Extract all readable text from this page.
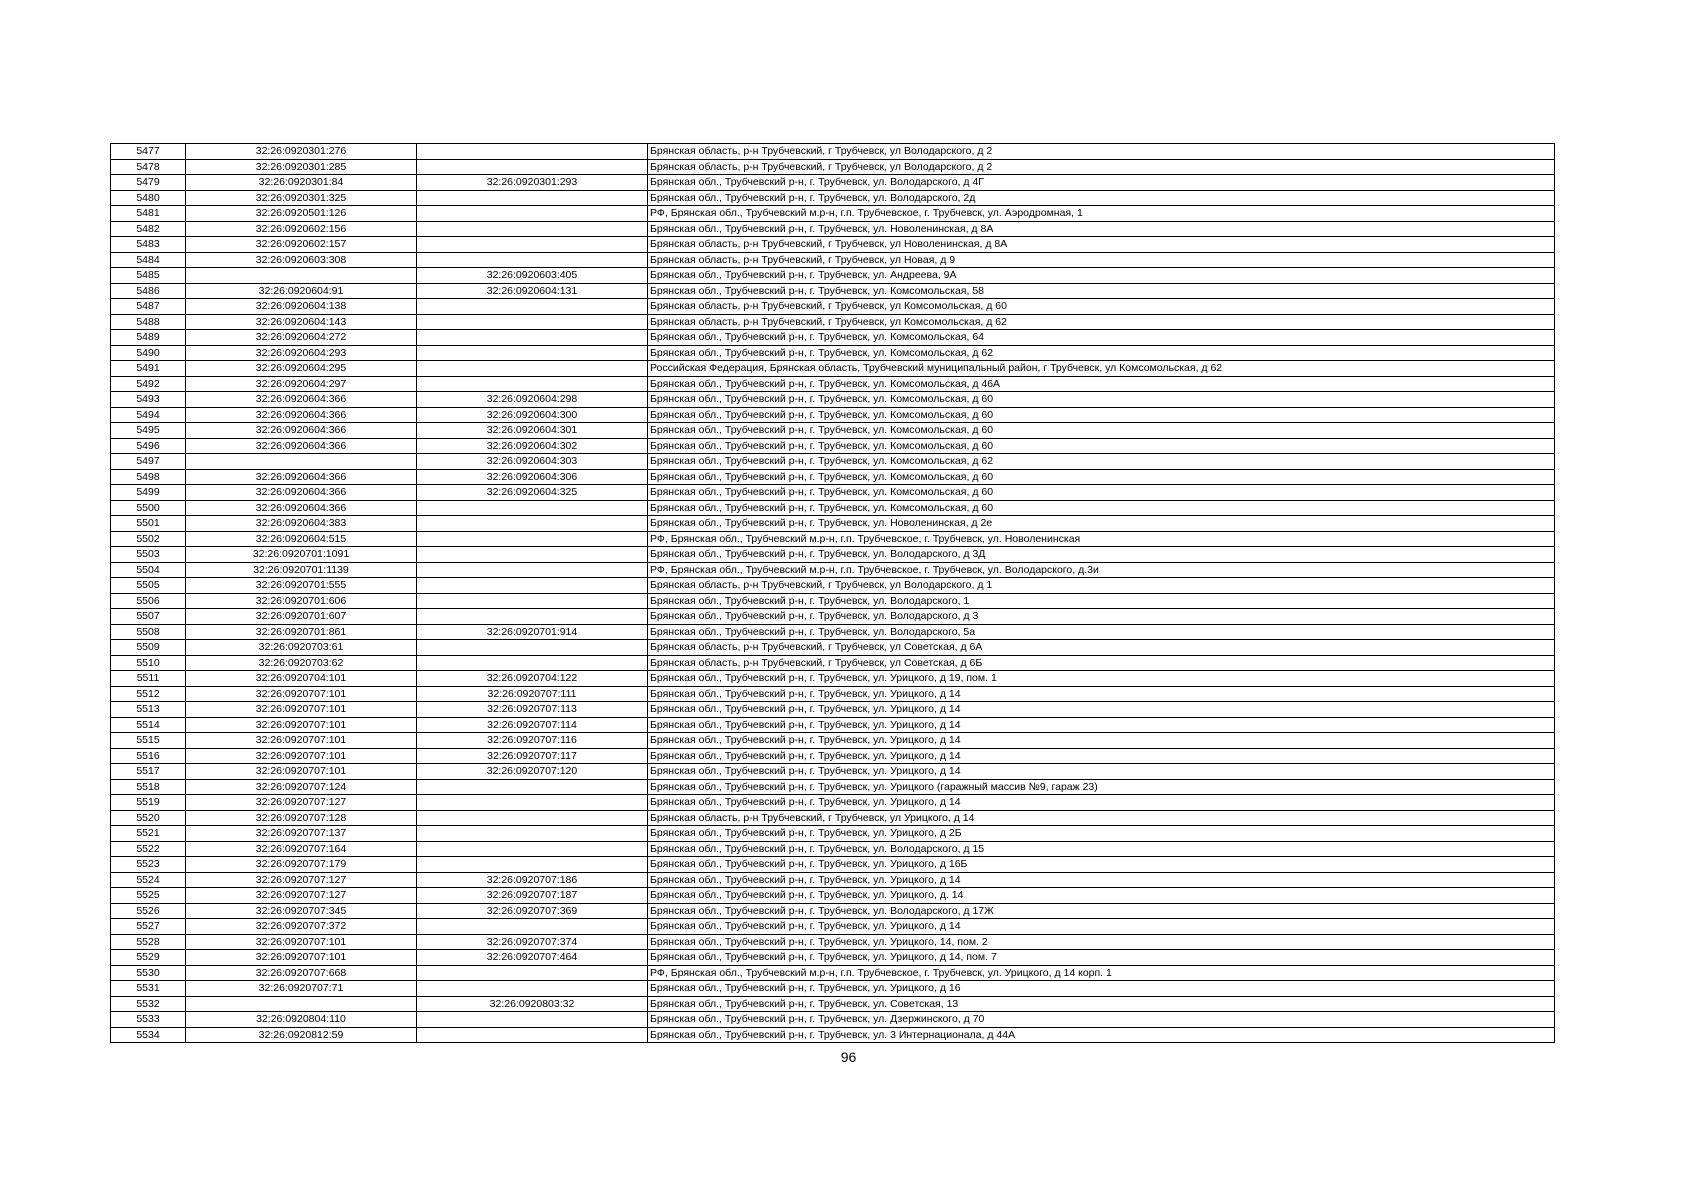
5477	32:26:0920301:276		Брянская область, р-н Трубчевский, г Трубчевск, ул Володарского, д 2
5478	32:26:0920301:285		Брянская область, р-н Трубчевский, г Трубчевск, ул Володарского, д 2
5479	32:26:0920301:84	32:26:0920301:293	Брянская обл., Трубчевский р-н, г. Трубчевск, ул. Володарского, д 4Г
5480	32:26:0920301:325		Брянская обл., Трубчевский р-н, г. Трубчевск, ул. Володарского, 2д
5481	32:26:0920501:126		РФ, Брянская обл., Трубчевский м.р-н, г.п. Трубчевское, г. Трубчевск, ул. Аэродромная, 1
5482	32:26:0920602:156		Брянская обл., Трубчевский р-н, г. Трубчевск, ул. Новоленинская, д 8А
5483	32:26:0920602:157		Брянская область, р-н Трубчевский, г Трубчевск, ул Новоленинская, д 8А
5484	32:26:0920603:308		Брянская область, р-н Трубчевский, г Трубчевск, ул Новая, д 9
5485		32:26:0920603:405	Брянская обл., Трубчевский р-н, г. Трубчевск, ул. Андреева, 9А
5486	32:26:0920604:91	32:26:0920604:131	Брянская обл., Трубчевский р-н, г. Трубчевск, ул. Комсомольская, 58
5487	32:26:0920604:138		Брянская область, р-н Трубчевский, г Трубчевск, ул Комсомольская, д 60
5488	32:26:0920604:143		Брянская область, р-н Трубчевский, г Трубчевск, ул Комсомольская, д 62
5489	32:26:0920604:272		Брянская обл., Трубчевский р-н, г. Трубчевск, ул. Комсомольская, 64
5490	32:26:0920604:293		Брянская обл., Трубчевский р-н, г. Трубчевск, ул. Комсомольская, д 62
5491	32:26:0920604:295		Российская Федерация, Брянская область, Трубчевский муниципальный район, г Трубчевск, ул Комсомольская, д 62
5492	32:26:0920604:297		Брянская обл., Трубчевский р-н, г. Трубчевск, ул. Комсомольская, д 46А
5493	32:26:0920604:366	32:26:0920604:298	Брянская обл., Трубчевский р-н, г. Трубчевск, ул. Комсомольская, д 60
5494	32:26:0920604:366	32:26:0920604:300	Брянская обл., Трубчевский р-н, г. Трубчевск, ул. Комсомольская, д 60
5495	32:26:0920604:366	32:26:0920604:301	Брянская обл., Трубчевский р-н, г. Трубчевск, ул. Комсомольская, д 60
5496	32:26:0920604:366	32:26:0920604:302	Брянская обл., Трубчевский р-н, г. Трубчевск, ул. Комсомольская, д 60
5497		32:26:0920604:303	Брянская обл., Трубчевский р-н, г. Трубчевск, ул. Комсомольская, д 62
5498	32:26:0920604:366	32:26:0920604:306	Брянская обл., Трубчевский р-н, г. Трубчевск, ул. Комсомольская, д 60
5499	32:26:0920604:366	32:26:0920604:325	Брянская обл., Трубчевский р-н, г. Трубчевск, ул. Комсомольская, д 60
5500	32:26:0920604:366		Брянская обл., Трубчевский р-н, г. Трубчевск, ул. Комсомольская, д 60
5501	32:26:0920604:383		Брянская обл., Трубчевский р-н, г. Трубчевск, ул. Новоленинская, д 2е
5502	32:26:0920604:515		РФ, Брянская обл., Трубчевский м.р-н, г.п. Трубчевское, г. Трубчевск, ул. Новоленинская
5503	32:26:0920701:1091		Брянская обл., Трубчевский р-н, г. Трубчевск, ул. Володарского, д 3Д
5504	32:26:0920701:1139		РФ, Брянская обл., Трубчевский м.р-н, г.п. Трубчевское, г. Трубчевск, ул. Володарского, д.3и
5505	32:26:0920701:555		Брянская область, р-н Трубчевский, г Трубчевск, ул Володарского, д 1
5506	32:26:0920701:606		Брянская обл., Трубчевский р-н, г. Трубчевск, ул. Володарского, 1
5507	32:26:0920701:607		Брянская обл., Трубчевский р-н, г. Трубчевск, ул. Володарского, д 3
5508	32:26:0920701:861	32:26:0920701:914	Брянская обл., Трубчевский р-н, г. Трубчевск, ул. Володарского, 5а
5509	32:26:0920703:61		Брянская область, р-н Трубчевский, г Трубчевск, ул Советская, д 6А
5510	32:26:0920703:62		Брянская область, р-н Трубчевский, г Трубчевск, ул Советская, д 6Б
5511	32:26:0920704:101	32:26:0920704:122	Брянская обл., Трубчевский р-н, г. Трубчевск, ул. Урицкого, д 19, пом. 1
5512	32:26:0920707:101	32:26:0920707:111	Брянская обл., Трубчевский р-н, г. Трубчевск, ул. Урицкого, д 14
5513	32:26:0920707:101	32:26:0920707:113	Брянская обл., Трубчевский р-н, г. Трубчевск, ул. Урицкого, д 14
5514	32:26:0920707:101	32:26:0920707:114	Брянская обл., Трубчевский р-н, г. Трубчевск, ул. Урицкого, д 14
5515	32:26:0920707:101	32:26:0920707:116	Брянская обл., Трубчевский р-н, г. Трубчевск, ул. Урицкого, д 14
5516	32:26:0920707:101	32:26:0920707:117	Брянская обл., Трубчевский р-н, г. Трубчевск, ул. Урицкого, д 14
5517	32:26:0920707:101	32:26:0920707:120	Брянская обл., Трубчевский р-н, г. Трубчевск, ул. Урицкого, д 14
5518	32:26:0920707:124		Брянская обл., Трубчевский р-н, г. Трубчевск, ул. Урицкого (гаражный массив №9, гараж 23)
5519	32:26:0920707:127		Брянская обл., Трубчевский р-н, г. Трубчевск, ул. Урицкого, д 14
5520	32:26:0920707:128		Брянская область, р-н Трубчевский, г Трубчевск, ул Урицкого, д 14
5521	32:26:0920707:137		Брянская обл., Трубчевский р-н, г. Трубчевск, ул. Урицкого, д 2Б
5522	32:26:0920707:164		Брянская обл., Трубчевский р-н, г. Трубчевск, ул. Володарского, д 15
5523	32:26:0920707:179		Брянская обл., Трубчевский р-н, г. Трубчевск, ул. Урицкого, д 16Б
5524	32:26:0920707:127	32:26:0920707:186	Брянская обл., Трубчевский р-н, г. Трубчевск, ул. Урицкого, д 14
5525	32:26:0920707:127	32:26:0920707:187	Брянская обл., Трубчевский р-н, г. Трубчевск, ул. Урицкого, д. 14
5526	32:26:0920707:345	32:26:0920707:369	Брянская обл., Трубчевский р-н, г. Трубчевск, ул. Володарского, д 17Ж
5527	32:26:0920707:372		Брянская обл., Трубчевский р-н, г. Трубчевск, ул. Урицкого, д 14
5528	32:26:0920707:101	32:26:0920707:374	Брянская обл., Трубчевский р-н, г. Трубчевск, ул. Урицкого, 14, пом. 2
5529	32:26:0920707:101	32:26:0920707:464	Брянская обл., Трубчевский р-н, г. Трубчевск, ул. Урицкого, д 14, пом. 7
5530	32:26:0920707:668		РФ, Брянская обл., Трубчевский м.р-н, г.п. Трубчевское, г. Трубчевск, ул. Урицкого, д 14 корп. 1
5531	32:26:0920707:71		Брянская обл., Трубчевский р-н, г. Трубчевск, ул. Урицкого, д 16
5532		32:26:0920803:32	Брянская обл., Трубчевский р-н, г. Трубчевск, ул. Советская, 13
5533	32:26:0920804:110		Брянская обл., Трубчевский р-н, г. Трубчевск, ул. Дзержинского, д 70
5534	32:26:0920812:59		Брянская обл., Трубчевский р-н, г. Трубчевск, ул. 3 Интернационала, д 44А
96
